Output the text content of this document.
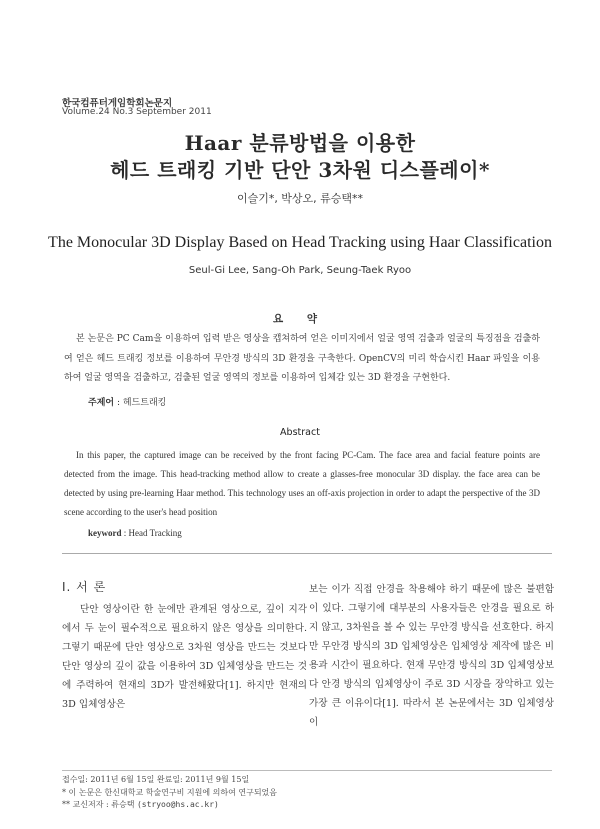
한국컴퓨터게임학회논문지
Volume.24 No.3 September 2011
Haar 분류방법을 이용한
헤드 트래킹 기반 단안 3차원 디스플레이*
이슬기*, 박상오, 류승택**
The Monocular 3D Display Based on Head Tracking using Haar Classification
Seul-Gi Lee, Sang-Oh Park, Seung-Taek Ryoo
요 약
본 논문은 PC Cam을 이용하여 입력 받은 영상을 캡쳐하여 얻은 이미지에서 얼굴 영역 검출과 얼굴의 특징점을 검출하여 얻은 헤드 트래킹 정보를 이용하여 무안경 방식의 3D 환경을 구축한다. OpenCV의 미리 학습시킨 Haar 파일을 이용하여 얼굴 영역을 검출하고, 검출된 얼굴 영역의 정보를 이용하여 입체감 있는 3D 환경을 구현한다.
주제어 : 헤드트래킹
Abstract
In this paper, the captured image can be received by the front facing PC-Cam. The face area and facial feature points are detected from the image. This head-tracking method allow to create a glasses-free monocular 3D display. the face area can be detected by using pre-learning Haar method. This technology uses an off-axis projection in order to adapt the perspective of the 3D scene according to the user's head position
keyword : Head Tracking
Ⅰ. 서 론

단안 영상이란 한 눈에만 관계된 영상으로, 깊이 지각에서 두 눈이 필수적으로 필요하지 않은 영상을 의미한다. 그렇기 때문에 단안 영상으로 3차원 영상을 만드는 것보다 단안 영상의 깊이 값을 이용하여 3D 입체영상을 만드는 것에 주력하여 현재의 3D가 발전해왔다[1]. 하지만 현재의 3D 입체영상은

보는 이가 직접 안경을 착용해야 하기 때문에 많은 불편함이 있다. 그렇기에 대부분의 사용자들은 안경을 필요로 하지 않고, 3차원을 볼 수 있는 무안경 방식을 선호한다. 하지만 무안경 방식의 3D 입체영상은 입체영상 제작에 많은 비용과 시간이 필요하다. 현재 무안경 방식의 3D 입체영상보다 안경 방식의 입체영상이 주로 3D 시장을 장악하고 있는 가장 큰 이유이다[1]. 따라서 본 논문에서는 3D 입체영상이

접수일: 2011년 6월 15일 완료일: 2011년 9월 15일
* 이 논문은 한신대학교 학술연구비 지원에 의하여 연구되었음
** 교신저자 : 류승택 (stryoo@hs.ac.kr)
